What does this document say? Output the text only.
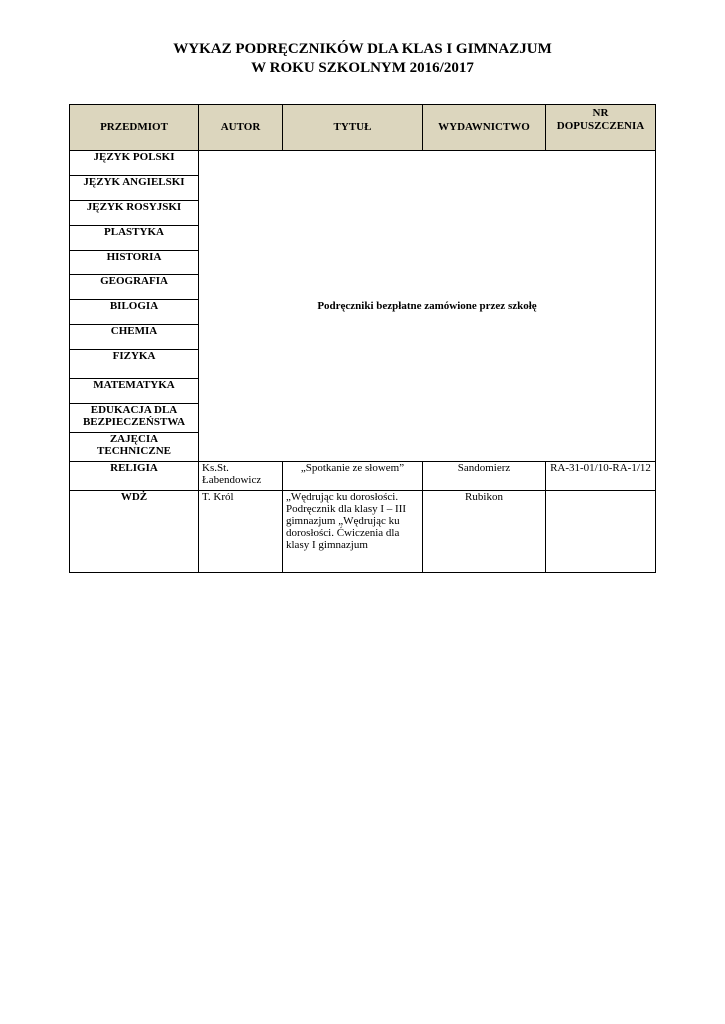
WYKAZ PODRĘCZNIKÓW DLA KLAS I GIMNAZJUM
W ROKU SZKOLNYM 2016/2017
PRZEDMIOT	AUTOR	TYTUŁ	WYDAWNICTWO	NR DOPUSZCZENIA
JĘZYK POLSKI	Podręczniki bezpłatne zamówione przez szkołę			
JĘZYK ANGIELSKI				
JĘZYK ROSYJSKI				
PLASTYKA				
HISTORIA				
GEOGRAFIA				
BILOGIA				
CHEMIA				
FIZYKA				
MATEMATYKA				
EDUKACJA DLA BEZPIECZEŃSTWA				
ZAJĘCIA TECHNICZNE				
RELIGIA	Ks.St. Łabendowicz	„Spotkanie ze słowem”	Sandomierz	RA-31-01/10-RA-1/12
WDŻ	T. Król	„Wędrując ku dorosłości. Podręcznik dla klasy I – III gimnazjum „Wędrując ku dorosłości. Ćwiczenia dla klasy I gimnazjum	Rubikon	
